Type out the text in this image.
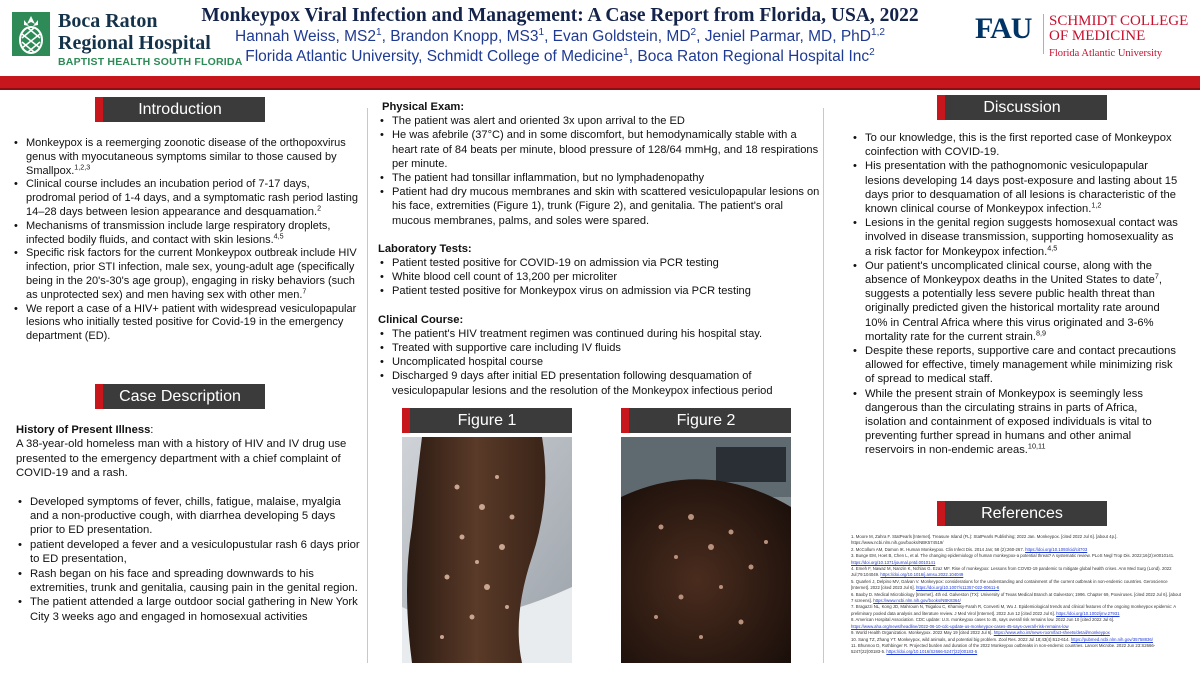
Boca Raton
Regional Hospital
BAPTIST HEALTH SOUTH FLORIDA
Monkeypox Viral Infection and Management: A Case Report from Florida, USA, 2022
Hannah Weiss, $MS2^1$, Brandon Knopp, $MS3^1$, Evan Goldstein, $MD^2$, Jeniel Parmar, MD, PhD$^{1,2}$
Florida Atlantic University, Schmidt College of Medicine$^1$, Boca Raton Regional Hospital Inc$^2$
FAU SCHMIDT COLLEGE
OF MEDICINE
Florida Atlantic University
Introduction
• Monkeypox is a reemerging zoonotic disease of the orthopoxvirus genus with myocutaneous symptoms similar to those caused by Smallpox.$^{1,2,3}$
• Clinical course includes an incubation period of 7-17 days, prodromal period of 1-4 days, and a symptomatic rash period lasting 14–28 days between lesion appearance and desquamation.$^2$
• Mechanisms of transmission include large respiratory droplets, infected bodily fluids, and contact with skin lesions.$^{4,5}$
• Specific risk factors for the current Monkeypox outbreak include HIV infection, prior STI infection, male sex, young-adult age (specifically being in the 20's-30's age group), engaging in risky behaviors (such as unprotected sex) and men having sex with other men.$^7$
• We report a case of a HIV+ patient with widespread vesiculopapular lesions who initially tested positive for Covid-19 in the emergency department (ED).
Case Description
History of Present Illness:
A 38-year-old homeless man with a history of HIV and IV drug use presented to the emergency department with a chief complaint of COVID-19 and a rash.
• Developed symptoms of fever, chills, fatigue, malaise, myalgia and a non-productive cough, with diarrhea developing 5 days prior to ED presentation.
• patient developed a fever and a vesiculopustular rash 6 days prior to ED presentation,
• Rash began on his face and spreading downwards to his extremities, trunk and genitalia, causing pain in the genital region.
• The patient attended a large outdoor social gathering in New York City 3 weeks ago and engaged in homosexual activities
Physical Exam:
• The patient was alert and oriented 3x upon arrival to the ED
• He was afebrile (37°C) and in some discomfort, but hemodynamically stable with a heart rate of 84 beats per minute, blood pressure of 128/64 mmHg, and 18 respirations per minute.
• The patient had tonsillar inflammation, but no lymphadenopathy
• Patient had dry mucous membranes and skin with scattered vesiculopapular lesions on his face, extremities (Figure 1), trunk (Figure 2), and genitalia. The patient's oral mucous membranes, palms, and soles were spared.
Laboratory Tests:
• Patient tested positive for COVID-19 on admission via PCR testing
• White blood cell count of 13,200 per microliter
• Patient tested positive for Monkeypox virus on admission via PCR testing
Clinical Course:
• The patient's HIV treatment regimen was continued during his hospital stay.
• Treated with supportive care including IV fluids
• Uncomplicated hospital course
• Discharged 9 days after initial ED presentation following desquamation of vesiculopapular lesions and the resolution of the Monkeypox infectious period
Figure 1	Figure 2
Discussion
• To our knowledge, this is the first reported case of Monkeypox coinfection with COVID-19.
• His presentation with the pathognomonic vesiculopapular lesions developing 14 days post-exposure and lasting about 15 days prior to desquamation of all lesions is characteristic of the known clinical course of Monkeypox infection.$^{1,2}$
• Lesions in the genital region suggests homosexual contact was involved in disease transmission, supporting homosexuality as a risk factor for Monkeypox infection.$^{4,5}$
• Our patient's uncomplicated clinical course, along with the absence of Monkeypox deaths in the United States to date$^7$, suggests a potentially less severe public health threat than originally predicted given the historical mortality rate around 10% in Central Africa where this virus originated and 3-6% mortality rate for the current strain.$^{8,9}$
• Despite these reports, supportive care and contact precautions allowed for effective, timely management while minimizing risk of spread to medical staff.
• While the present strain of Monkeypox is seemingly less dangerous than the circulating strains in parts of Africa, isolation and containment of exposed individuals is vital to preventing further spread in humans and other animal reservoirs in non-endemic areas.$^{10,11}$
References
1. Moore M, Zahra F. StatPearls [Internet]. Treasure Island (FL): StatPearls Publishing; 2022 Jan. Monkeypox. [cited 2022 Jul 6]. [about 4p.]. https://www.ncbi.nlm.nih.gov/books/NBK574519/
2. McCollum AM, Damon IK. Human Monkeypox. Clin Infect Dis. 2014 Jan; 58 (2):260-267. https://doi.org/10.1093/cid/cit703
3. Bunge EM, Hoet B, Chen L, et al. The changing epidemiology of human monkeypox-a potential threat? A systematic review. PLoS Negl Trop Dis. 2022;16(2):e0010141. https://doi.org/10.1371/journal.pntd.0010141
4. Emeh F, Nawaz M, Nanzin K, Nchlas G. Ezaz MF. Rise of monkeypox: Lessons from COVID-19 pandemic to mitigate global health crises. Ann Med Surg (Lond). 2022 Jul;79:104049. https://doi.org/10.1016/j.amsu.2022.104049
5. Quarleri J, Delpino MV, Galvan V. Monkeypox: considerations for the understanding and containment of the current outbreak in non-endemic countries. Geroscience [Internet]. 2022 [cited 2023 Jul 6]. https://doi.org/10.1007/s11357-022-00611-6
6. Baxby D. Medical Microbiology [Internet]. 4th ed. Galveston (TX): University of Texas Medical Branch at Galveston; 1996. Chapter 69, Poxviruses. [cited 2022 Jul 6]. [about 7 screens]. https://www.ncbi.nlm.nih.gov/books/NBK8364/
7. Bragazzi NL, Kong JD, Mahroum N, Tsigalou C, Khamisy-Farah R, Converti M, Wu J. Epidemiological trends and clinical features of the ongoing monkeypox epidemic: A preliminary pooled data analysis and literature review. J Med Virol [Internet]. 2022 Jun 12 [cited 2022 Jul 6]. https://doi.org/10.1002/jmv.27931
8. American Hospital Association. CDC update: U.S. monkeypox cases to 45, says overall risk remains low. 2022 Jun 10 [cited 2022 Jul 6]. https://www.aha.org/news/headline/2022-06-10-cdc-update-us-monkeypox-cases-45-says-overall-risk-remains-low
9. World Health Organization. Monkeypox. 2022 May 19 [cited 2022 Jul 6]. https://www.who.int/news-room/fact-sheets/detail/monkeypox
10. Sang TZ, Zhang YT. Monkeypox, wild animals, and potential big problem. Zool Res. 2022 Jul 18;43(4):612-614. https://pubmed.ncbi.nlm.nih.gov/35758836/
11. Bhunnoo D, Rothbinger R. Projected burden and duration of the 2022 Monkeypox outbreaks in non-endemic countries. Lancet Microbe. 2022 Jun 23:S2666-5247(22)00183-5. https://doi.org/10.1016/S2666-5247(22)00183-5
